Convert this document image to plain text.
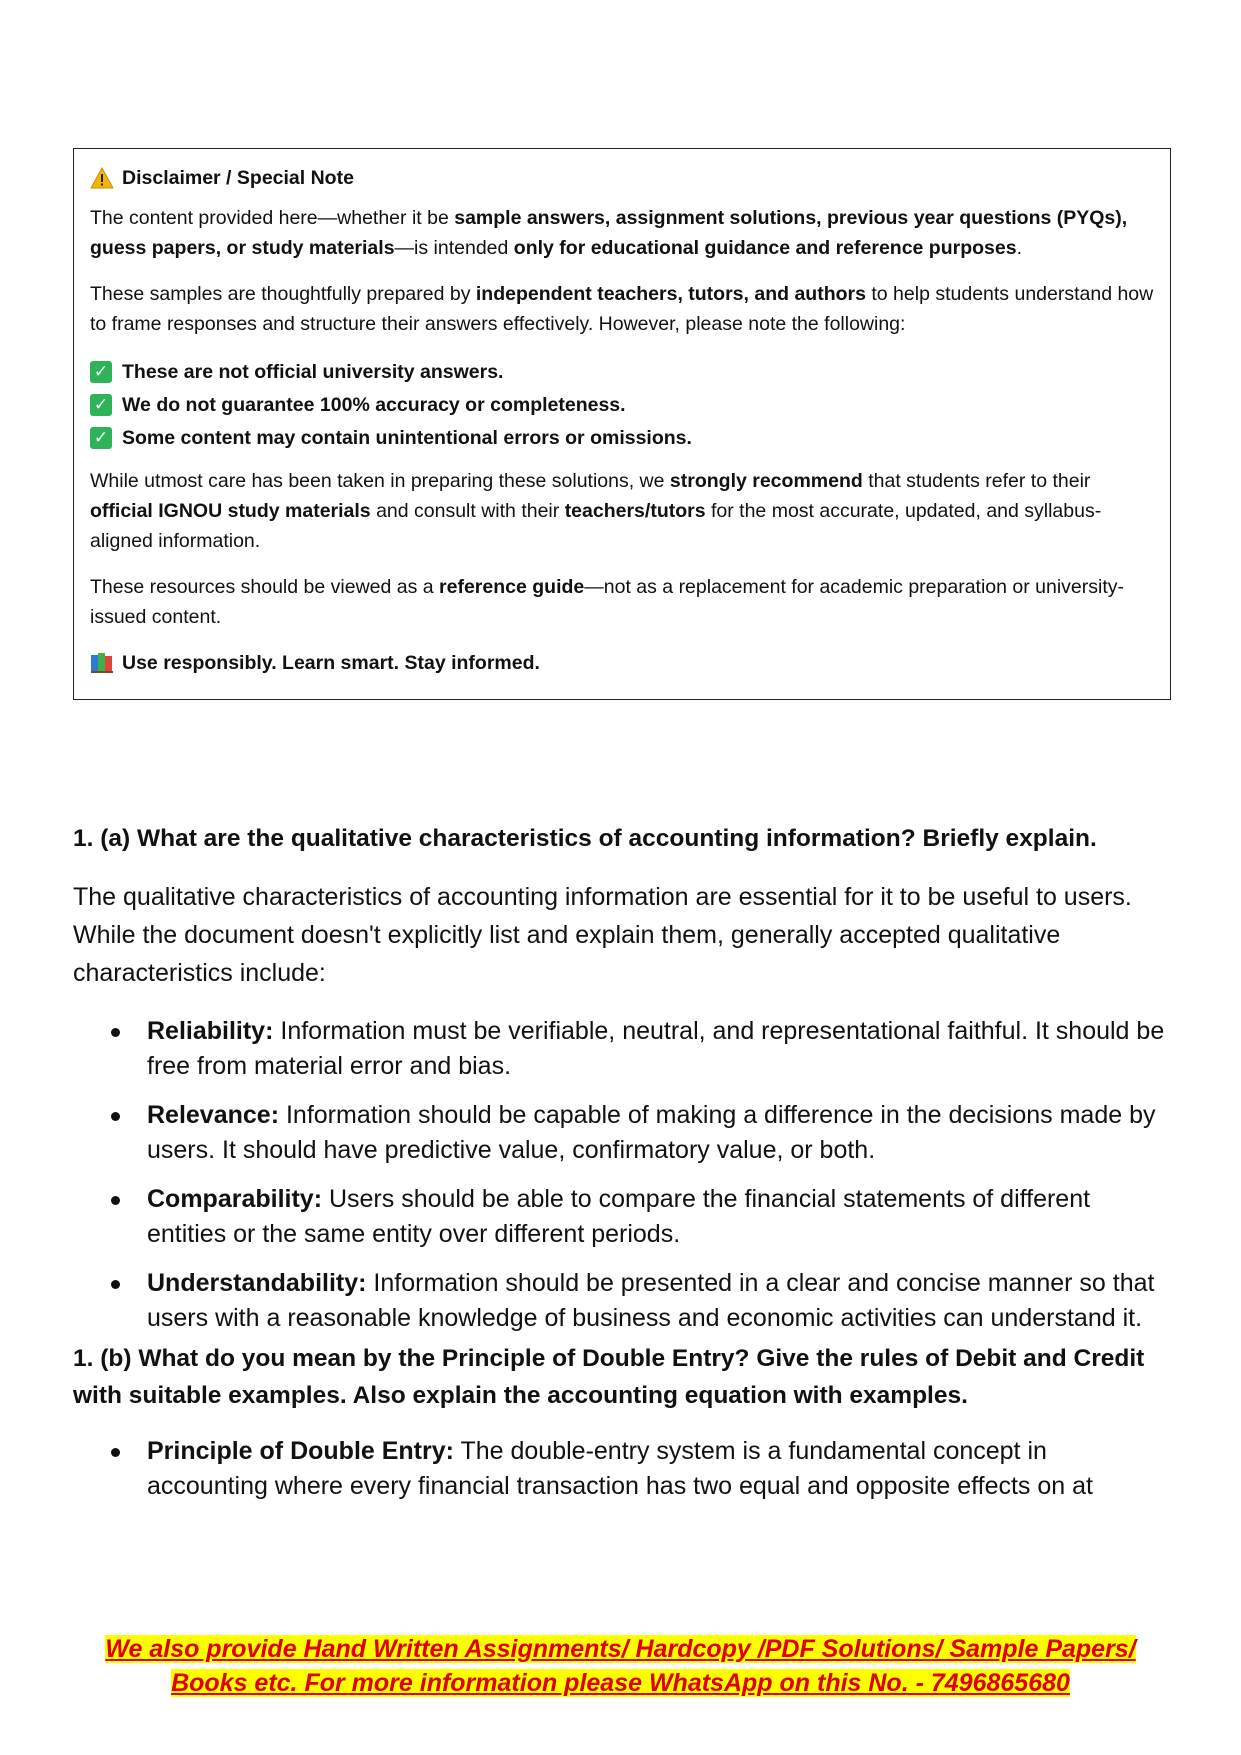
Disclaimer / Special Note

The content provided here—whether it be sample answers, assignment solutions, previous year questions (PYQs), guess papers, or study materials—is intended only for educational guidance and reference purposes.

These samples are thoughtfully prepared by independent teachers, tutors, and authors to help students understand how to frame responses and structure their answers effectively. However, please note the following:

✓ These are not official university answers.
✓ We do not guarantee 100% accuracy or completeness.
✓ Some content may contain unintentional errors or omissions.

While utmost care has been taken in preparing these solutions, we strongly recommend that students refer to their official IGNOU study materials and consult with their teachers/tutors for the most accurate, updated, and syllabus-aligned information.

These resources should be viewed as a reference guide—not as a replacement for academic preparation or university-issued content.

Use responsibly. Learn smart. Stay informed.
1. (a) What are the qualitative characteristics of accounting information? Briefly explain.

The qualitative characteristics of accounting information are essential for it to be useful to users. While the document doesn't explicitly list and explain them, generally accepted qualitative characteristics include:

Reliability: Information must be verifiable, neutral, and representational faithful. It should be free from material error and bias.
Relevance: Information should be capable of making a difference in the decisions made by users. It should have predictive value, confirmatory value, or both.
Comparability: Users should be able to compare the financial statements of different entities or the same entity over different periods.
Understandability: Information should be presented in a clear and concise manner so that users with a reasonable knowledge of business and economic activities can understand it.
1. (b) What do you mean by the Principle of Double Entry? Give the rules of Debit and Credit with suitable examples. Also explain the accounting equation with examples.
Principle of Double Entry: The double-entry system is a fundamental concept in accounting where every financial transaction has two equal and opposite effects on at
We also provide Hand Written Assignments/ Hardcopy /PDF Solutions/ Sample Papers/
Books etc. For more information please WhatsApp on this No. - 7496865680
